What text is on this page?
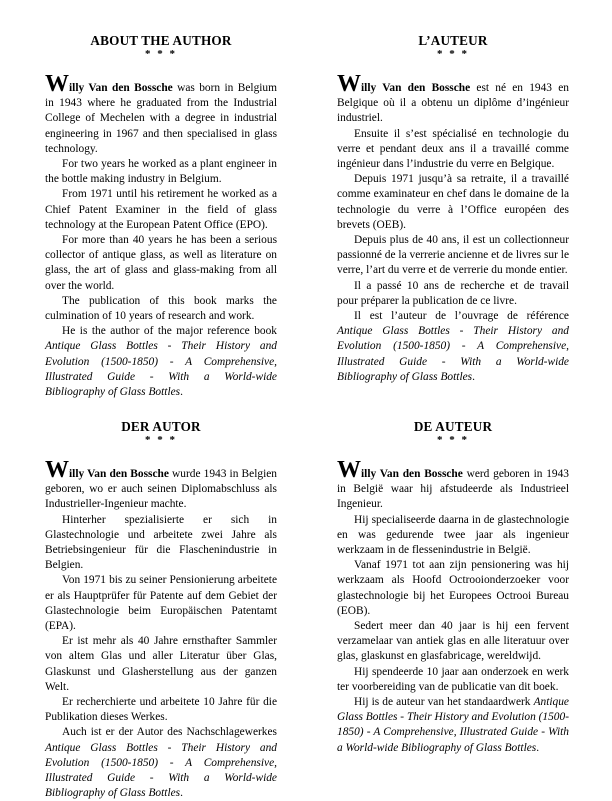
ABOUT THE AUTHOR
* * *

Willy Van den Bossche was born in Belgium in 1943 where he graduated from the Industrial College of Mechelen with a degree in industrial engineering in 1967 and then specialised in glass technology.

For two years he worked as a plant engineer in the bottle making industry in Belgium.

From 1971 until his retirement he worked as a Chief Patent Examiner in the field of glass technology at the European Patent Office (EPO).

For more than 40 years he has been a serious collector of antique glass, as well as literature on glass, the art of glass and glass-making from all over the world.

The publication of this book marks the culmination of 10 years of research and work.

He is the author of the major reference book Antique Glass Bottles - Their History and Evolution (1500-1850) - A Comprehensive, Illustrated Guide - With a World-wide Bibliography of Glass Bottles.

L’AUTEUR
* * *

Willy Van den Bossche est né en 1943 en Belgique où il a obtenu un diplôme d’ingénieur industriel.

Ensuite il s’est spécialisé en technologie du verre et pendant deux ans il a travaillé comme ingénieur dans l’industrie du verre en Belgique.

Depuis 1971 jusqu’à sa retraite, il a travaillé comme examinateur en chef dans le domaine de la technologie du verre à l’Office européen des brevets (OEB).

Depuis plus de 40 ans, il est un collectionneur passionné de la verrerie ancienne et de livres sur le verre, l’art du verre et de verrerie du monde entier.

Il a passé 10 ans de recherche et de travail pour préparer la publication de ce livre.

Il est l’auteur de l’ouvrage de référence Antique Glass Bottles - Their History and Evolution (1500-1850) - A Comprehensive, Illustrated Guide - With a World-wide Bibliography of Glass Bottles.

DER AUTOR
* * *

Willy Van den Bossche wurde 1943 in Belgien geboren, wo er auch seinen Diplomabschluss als Industrieller-Ingenieur machte.

Hinterher spezialisierte er sich in Glastechnologie und arbeitete zwei Jahre als Betriebsingenieur für die Flaschenindustrie in Belgien.

Von 1971 bis zu seiner Pensionierung arbeitete er als Hauptprüfer für Patente auf dem Gebiet der Glastechnologie beim Europäischen Patentamt (EPA).

Er ist mehr als 40 Jahre ernsthafter Sammler von altem Glas und aller Literatur über Glas, Glaskunst und Glasherstellung aus der ganzen Welt.

Er recherchierte und arbeitete 10 Jahre für die Publikation dieses Werkes.

Auch ist er der Autor des Nachschlagewerkes Antique Glass Bottles - Their History and Evolution (1500-1850) - A Comprehensive, Illustrated Guide - With a World-wide Bibliography of Glass Bottles.

DE AUTEUR
* * *

Willy Van den Bossche werd geboren in 1943 in België waar hij afstudeerde als Industrieel Ingenieur.

Hij specialiseerde daarna in de glastechnologie en was gedurende twee jaar als ingenieur werkzaam in de flessenindustrie in België.

Vanaf 1971 tot aan zijn pensionering was hij werkzaam als Hoofd Octrooionderzoeker voor glastechnologie bij het Europees Octrooi Bureau (EOB).

Sedert meer dan 40 jaar is hij een fervent verzamelaar van antiek glas en alle literatuur over glas, glaskunst en glasfabricage, wereldwijd.

Hij spendeerde 10 jaar aan onderzoek en werk ter voorbereiding van de publicatie van dit boek.

Hij is de auteur van het standaardwerk Antique Glass Bottles - Their History and Evolution (1500-1850) - A Comprehensive, Illustrated Guide - With a World-wide Bibliography of Glass Bottles.
